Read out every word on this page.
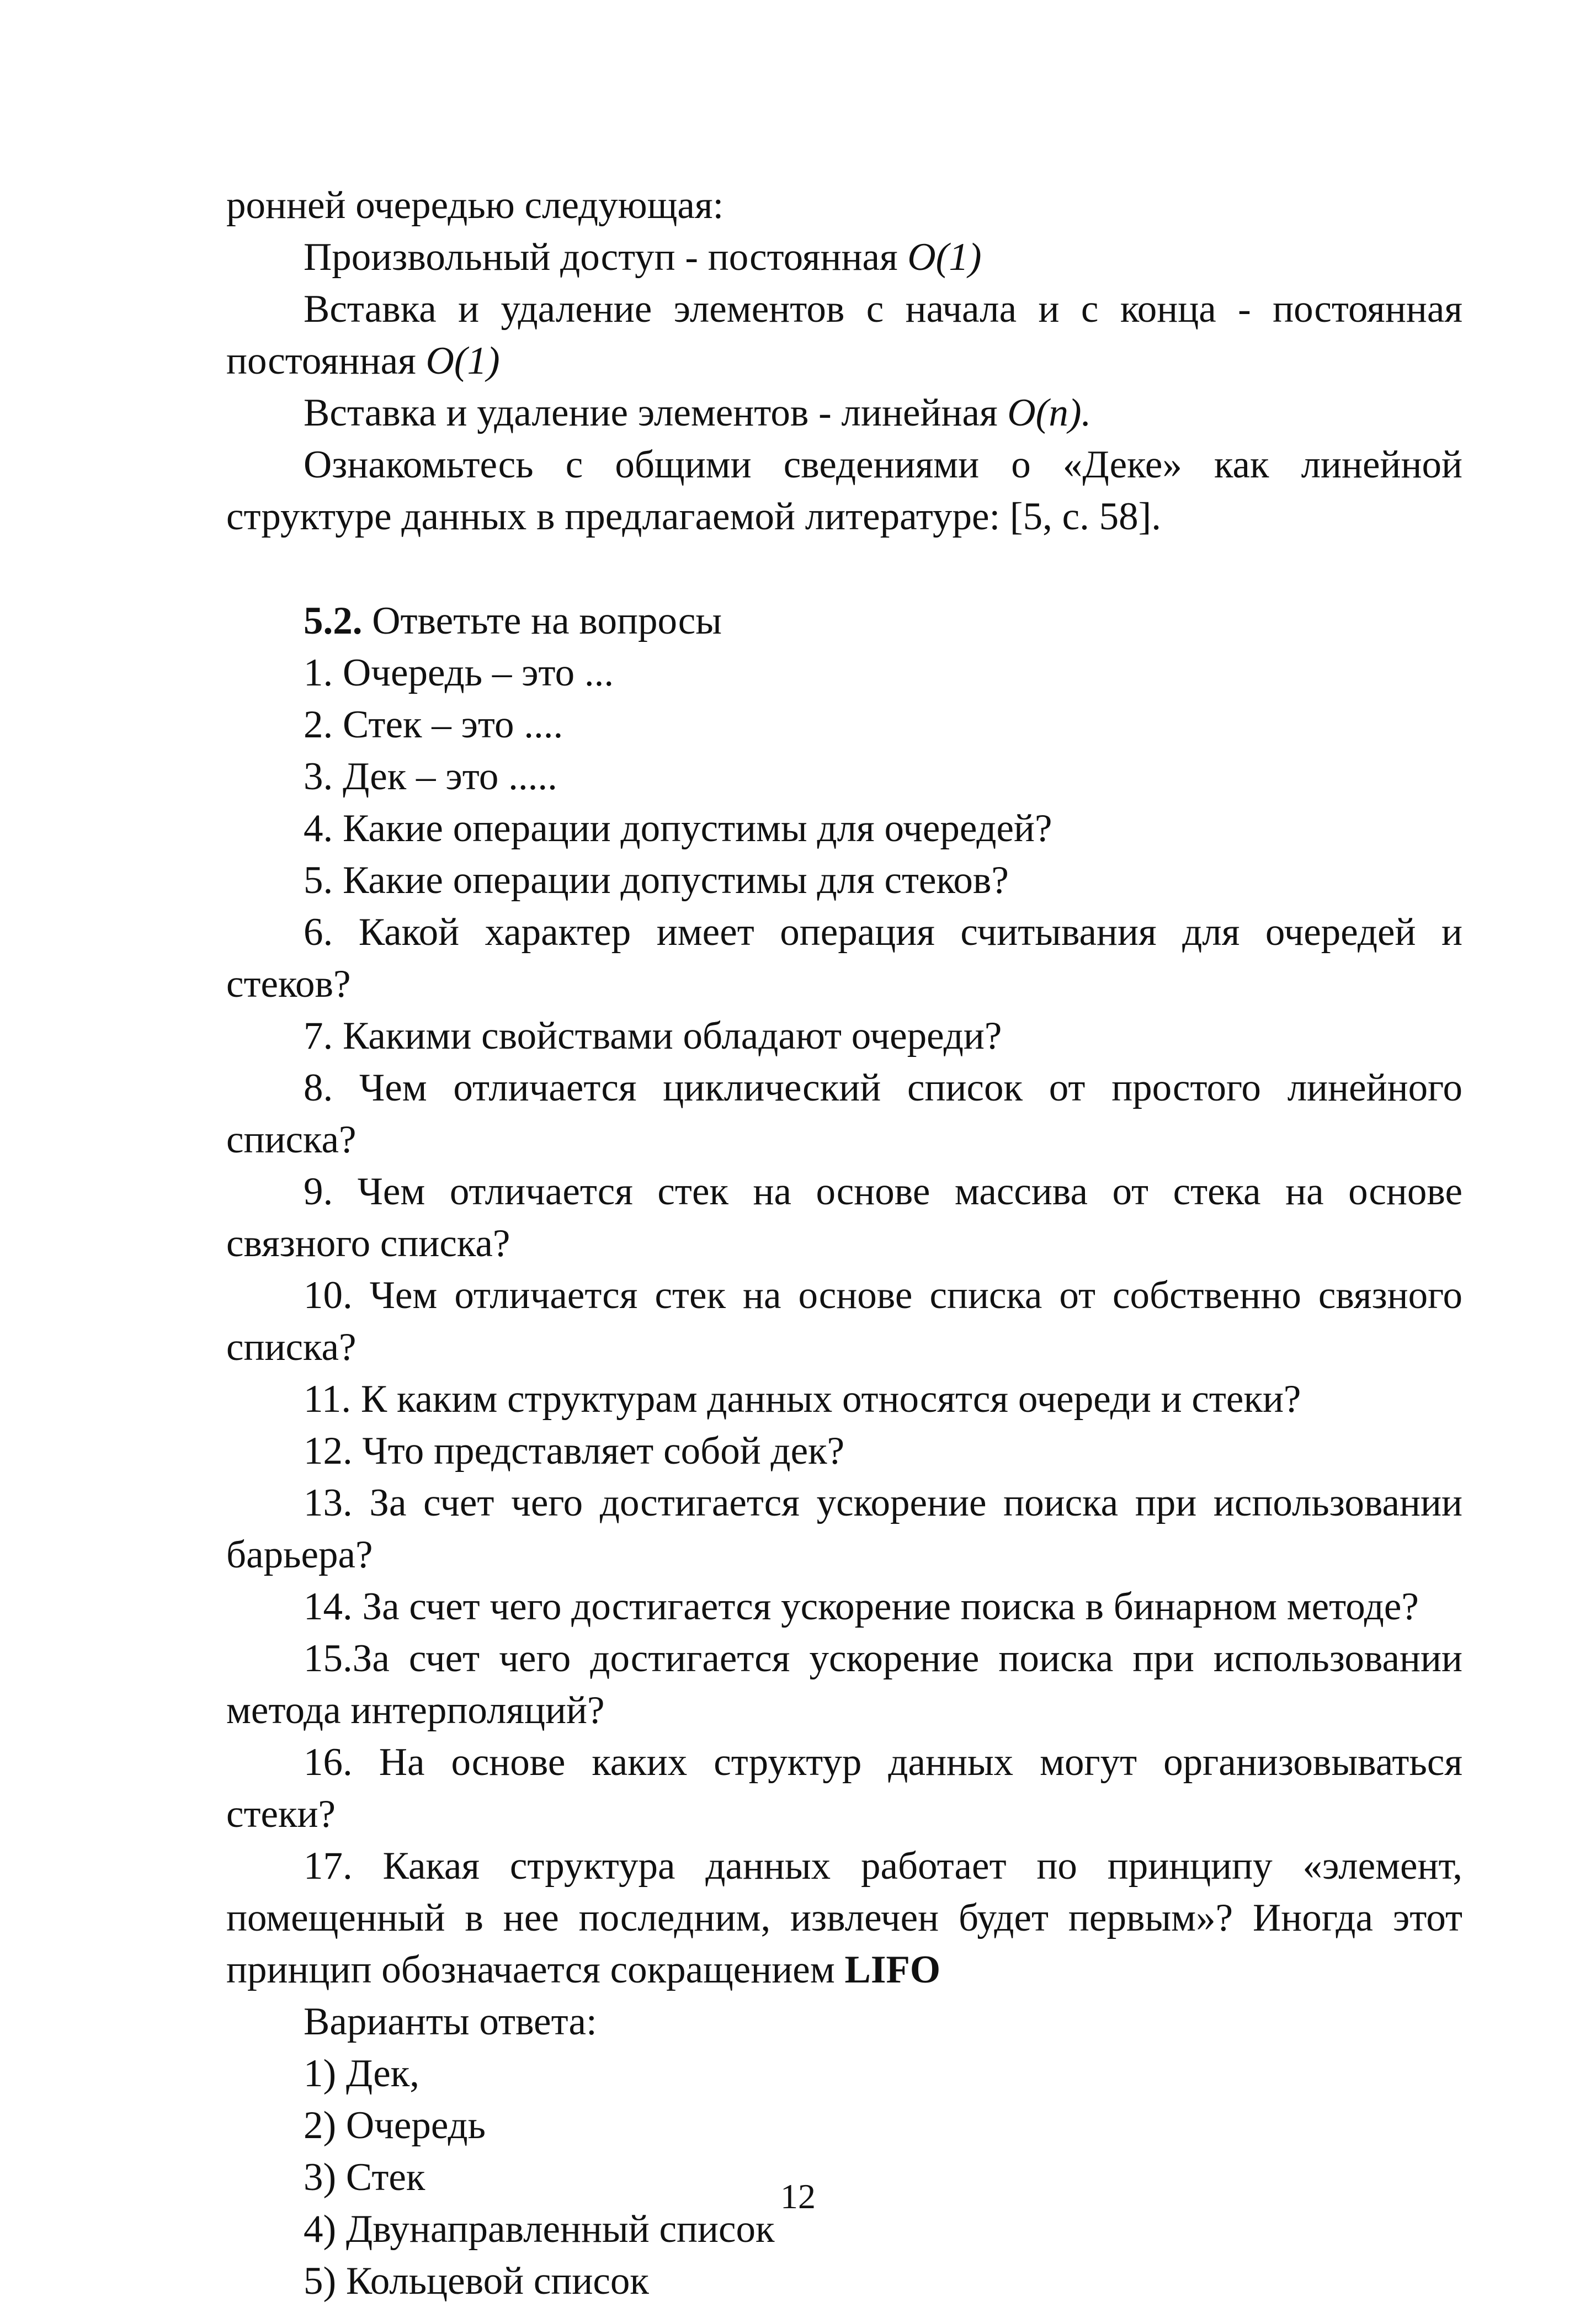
ронней очередью следующая:

Произвольный доступ - постоянная O(1)

Вставка и удаление элементов с начала и с конца - постоянная постоянная O(1)

Вставка и удаление элементов - линейная O(n).

Ознакомьтесь с общими сведениями о «Деке» как линейной структуре данных в предлагаемой литературе: [5, с. 58].

5.2. Ответьте на вопросы

1. Очередь – это ...

2. Стек – это ....

3. Дек – это .....

4. Какие операции допустимы для очередей?

5. Какие операции допустимы для стеков?

6. Какой характер имеет операция считывания для очередей и стеков?

7. Какими свойствами обладают очереди?

8. Чем отличается циклический список от простого линейного списка?

9. Чем отличается стек на основе массива от стека на основе связного списка?

10. Чем отличается стек на основе списка от собственно связного списка?

11. К каким структурам данных относятся очереди и стеки?

12. Что представляет собой дек?

13. За счет чего достигается ускорение поиска при использовании барьера?

14. За счет чего достигается ускорение поиска в бинарном методе?

15.За счет чего достигается ускорение поиска при использовании метода интерполяций?

16. На основе каких структур данных могут организовываться стеки?

17. Какая структура данных работает по принципу «элемент, помещенный в нее последним, извлечен будет первым»? Иногда этот принцип обозначается сокращением LIFO

Варианты ответа:

1) Дек,

2) Очередь

3) Стек

4) Двунаправленный список

5) Кольцевой список

12
